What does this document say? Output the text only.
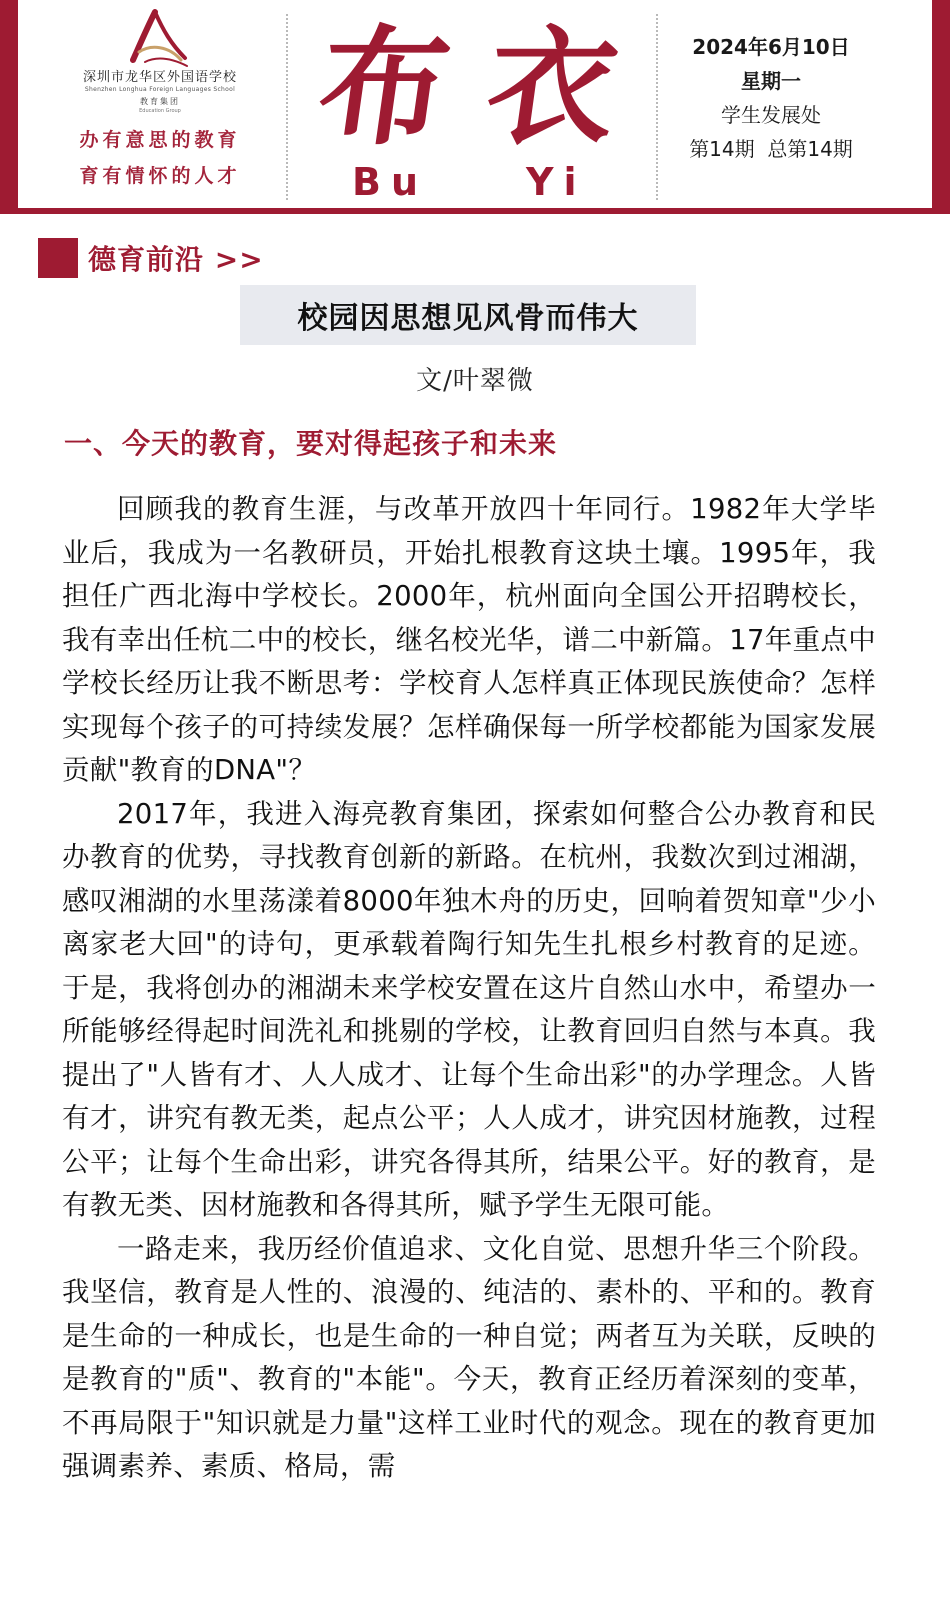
深圳市龙华区外国语学校
Shenzhen Longhua Foreign Languages School
教育集团
Education Group
办有意思的教育
育有情怀的人才
布 衣
Bu	Yi
2024年6月10日
星期一
学生发展处
第14期  总第14期
德育前沿 >>
校园因思想见风骨而伟大
文/叶翠微
一、今天的教育，要对得起孩子和未来

回顾我的教育生涯，与改革开放四十年同行。1982年大学毕业后，我成为一名教研员，开始扎根教育这块土壤。1995年，我担任广西北海中学校长。2000年，杭州面向全国公开招聘校长，我有幸出任杭二中的校长，继名校光华，谱二中新篇。17年重点中学校长经历让我不断思考：学校育人怎样真正体现民族使命？怎样实现每个孩子的可持续发展？怎样确保每一所学校都能为国家发展贡献"教育的DNA"？

2017年，我进入海亮教育集团，探索如何整合公办教育和民办教育的优势，寻找教育创新的新路。在杭州，我数次到过湘湖，感叹湘湖的水里荡漾着8000年独木舟的历史，回响着贺知章"少小离家老大回"的诗句，更承载着陶行知先生扎根乡村教育的足迹。于是，我将创办的湘湖未来学校安置在这片自然山水中，希望办一所能够经得起时间洗礼和挑剔的学校，让教育回归自然与本真。我提出了"人皆有才、人人成才、让每个生命出彩"的办学理念。人皆有才，讲究有教无类，起点公平；人人成才，讲究因材施教，过程公平；让每个生命出彩，讲究各得其所，结果公平。好的教育，是有教无类、因材施教和各得其所，赋予学生无限可能。

一路走来，我历经价值追求、文化自觉、思想升华三个阶段。我坚信，教育是人性的、浪漫的、纯洁的、素朴的、平和的。教育是生命的一种成长，也是生命的一种自觉；两者互为关联，反映的是教育的"质"、教育的"本能"。今天，教育正经历着深刻的变革，不再局限于"知识就是力量"这样工业时代的观念。现在的教育更加强调素养、素质、格局，需
